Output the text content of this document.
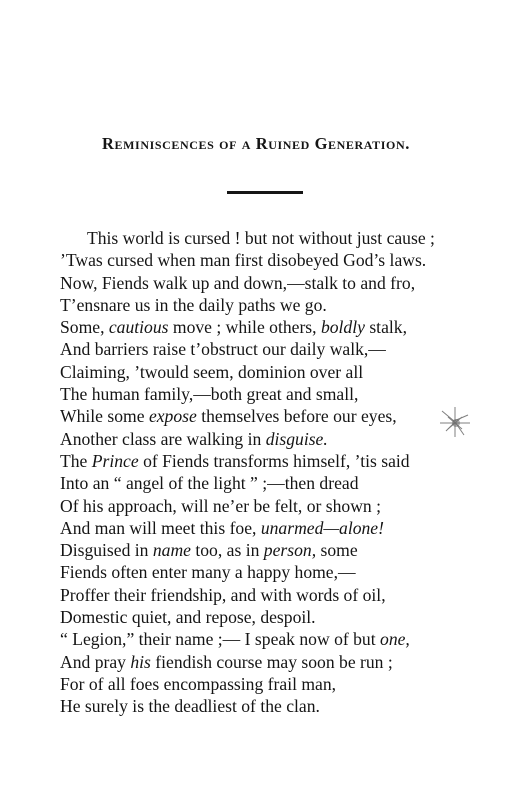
Reminiscences of a Ruined Generation.
This world is cursed ! but not without just cause ;
’Twas cursed when man first disobeyed God’s laws.
Now, Fiends walk up and down,—stalk to and fro,
T’ensnare us in the daily paths we go.
Some, cautious move ; while others, boldly stalk,
And barriers raise t’obstruct our daily walk,—
Claiming, ’twould seem, dominion over all
The human family,—both great and small,
While some expose themselves before our eyes,
Another class are walking in disguise.
The Prince of Fiends transforms himself, ’tis said
Into an “ angel of the light ” ;—then dread
Of his approach, will ne’er be felt, or shown ;
And man will meet this foe, unarmed—alone!
Disguised in name too, as in person, some
Fiends often enter many a happy home,—
Proffer their friendship, and with words of oil,
Domestic quiet, and repose, despoil.
“ Legion,” their name ;— I speak now of but one,
And pray his fiendish course may soon be run ;
For of all foes encompassing frail man,
He surely is the deadliest of the clan.
